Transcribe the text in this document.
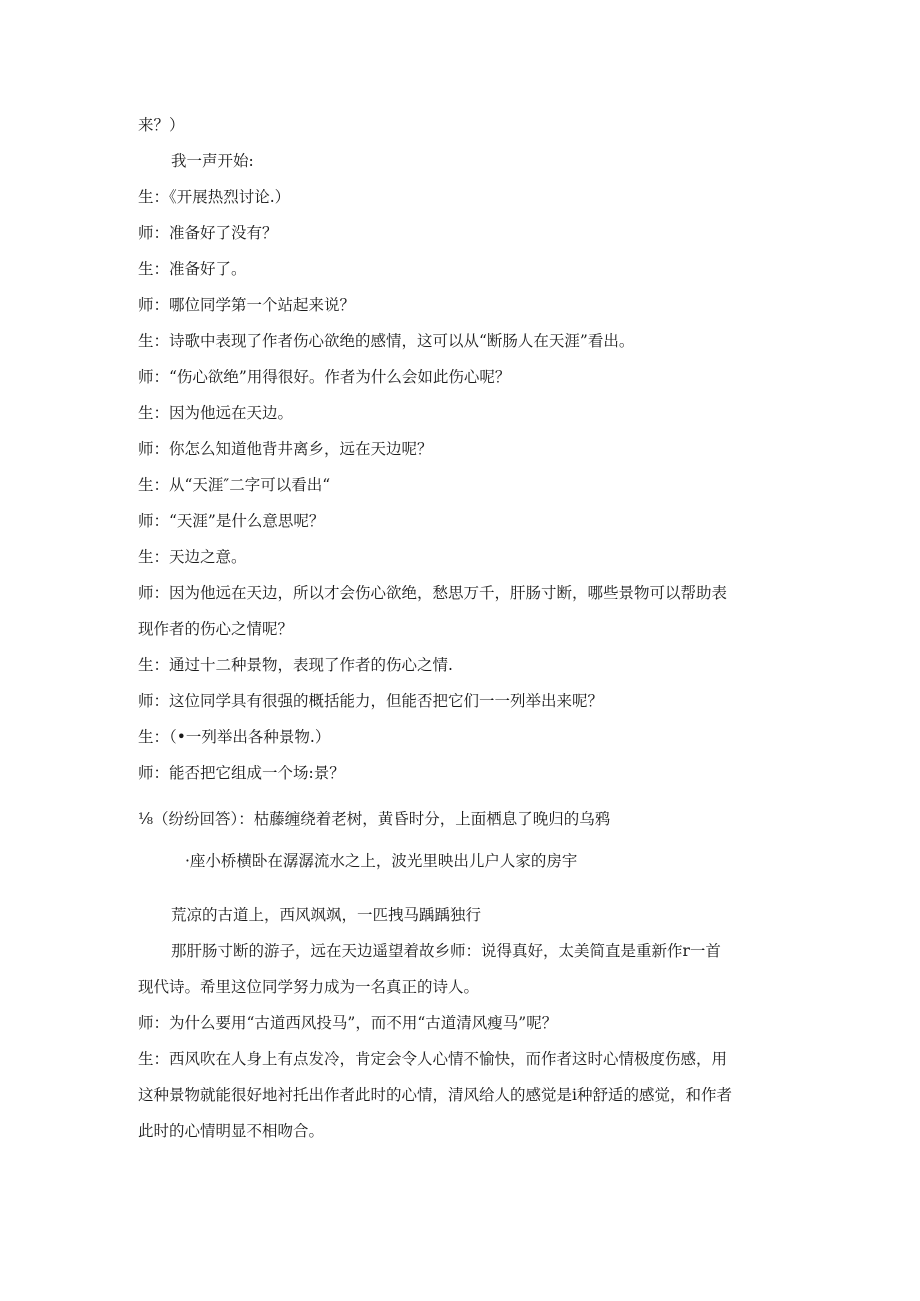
来？）
我一声开始:
生：《开展热烈讨论.）
师：准备好了没有？
生：准备好了。
师：哪位同学第一个站起来说？
生：诗歌中表现了作者伤心欲绝的感情，这可以从“断肠人在天涯”看出。
师：“伤心欲绝”用得很好。作者为什么会如此伤心呢？
生：因为他远在天边。
师：你怎么知道他背井离乡，远在天边呢？
生：从“天涯″二字可以看出“
师：“天涯”是什么意思呢？
生：天边之意。
师：因为他远在天边，所以才会伤心欲绝，愁思万千，肝肠寸断，哪些景物可以帮助表
现作者的伤心之情呢？
生：通过十二种景物，表现了作者的伤心之情.
师：这位同学具有很强的概括能力，但能否把它们一一列举出来呢？
生：（•一列举出各种景物.）
师：能否把它组成一个场:景？
⅛（纷纷回答）：枯藤缠绕着老树，黄昏时分，上面栖息了晚归的乌鸦
·座小桥横卧在潺潺流水之上，波光里映出儿户人家的房宇
荒凉的古道上，西风飒飒，一匹拽马踽踽独行
那肝肠寸断的游子，远在天边遥望着故乡师：说得真好，太美简直是重新作r一首
现代诗。希里这位同学努力成为一名真正的诗人。
师：为什么要用“古道西风投马”，而不用“古道清风瘦马”呢？
生：西风吹在人身上有点发冷，肯定会令人心情不愉快，而作者这时心情极度伤感，用
这种景物就能很好地衬托出作者此时的心情，清风给人的感觉是i种舒适的感觉，和作者
此时的心情明显不相吻合。
